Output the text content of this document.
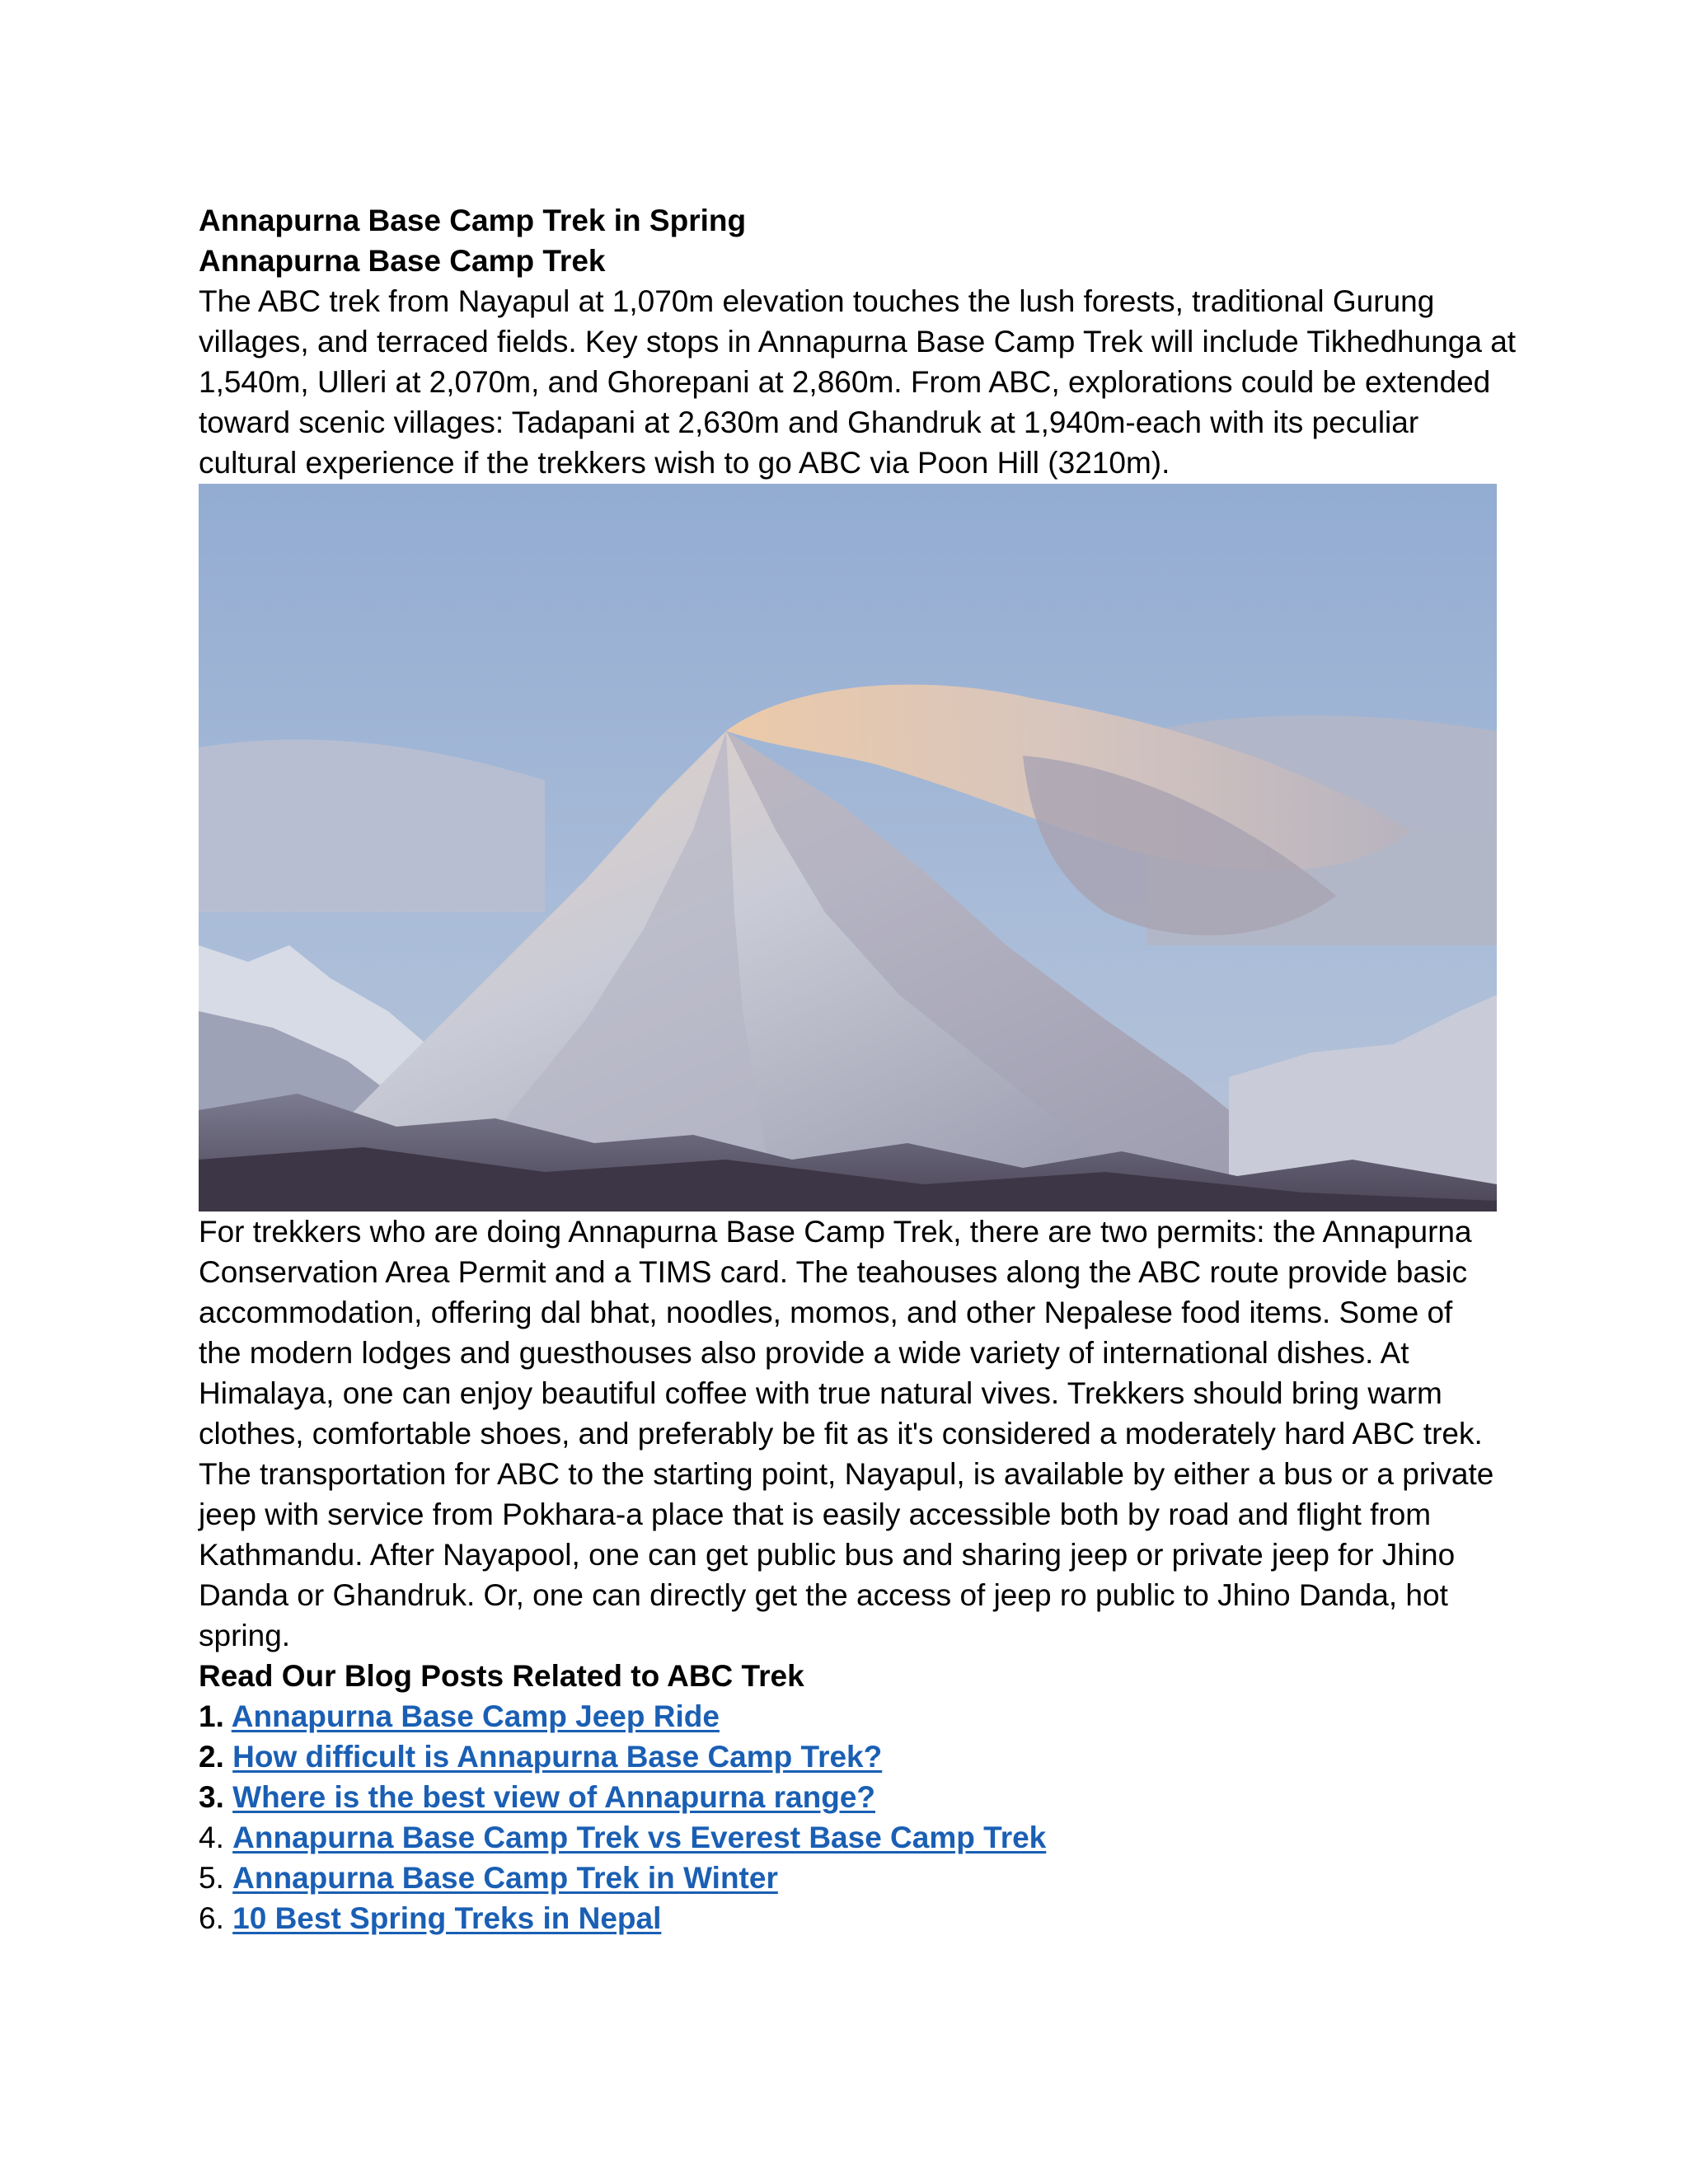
Annapurna Base Camp Trek in Spring
Annapurna Base Camp Trek
The ABC trek from Nayapul at 1,070m elevation touches the lush forests, traditional Gurung
villages, and terraced fields. Key stops in Annapurna Base Camp Trek will include Tikhedhunga at
1,540m, Ulleri at 2,070m, and Ghorepani at 2,860m. From ABC, explorations could be extended
toward scenic villages: Tadapani at 2,630m and Ghandruk at 1,940m-each with its peculiar
cultural experience if the trekkers wish to go ABC via Poon Hill (3210m).
For trekkers who are doing Annapurna Base Camp Trek, there are two permits: the Annapurna
Conservation Area Permit and a TIMS card. The teahouses along the ABC route provide basic
accommodation, offering dal bhat, noodles, momos, and other Nepalese food items. Some of
the modern lodges and guesthouses also provide a wide variety of international dishes. At
Himalaya, one can enjoy beautiful coffee with true natural vives. Trekkers should bring warm
clothes, comfortable shoes, and preferably be fit as it's considered a moderately hard ABC trek.
The transportation for ABC to the starting point, Nayapul, is available by either a bus or a private
jeep with service from Pokhara-a place that is easily accessible both by road and flight from
Kathmandu. After Nayapool, one can get public bus and sharing jeep or private jeep for Jhino
Danda or Ghandruk. Or, one can directly get the access of jeep ro public to Jhino Danda, hot
spring.
Read Our Blog Posts Related to ABC Trek
1. Annapurna Base Camp Jeep Ride
2. How difficult is Annapurna Base Camp Trek?
3. Where is the best view of Annapurna range?
4. Annapurna Base Camp Trek vs Everest Base Camp Trek
5. Annapurna Base Camp Trek in Winter
6. 10 Best Spring Treks in Nepal
